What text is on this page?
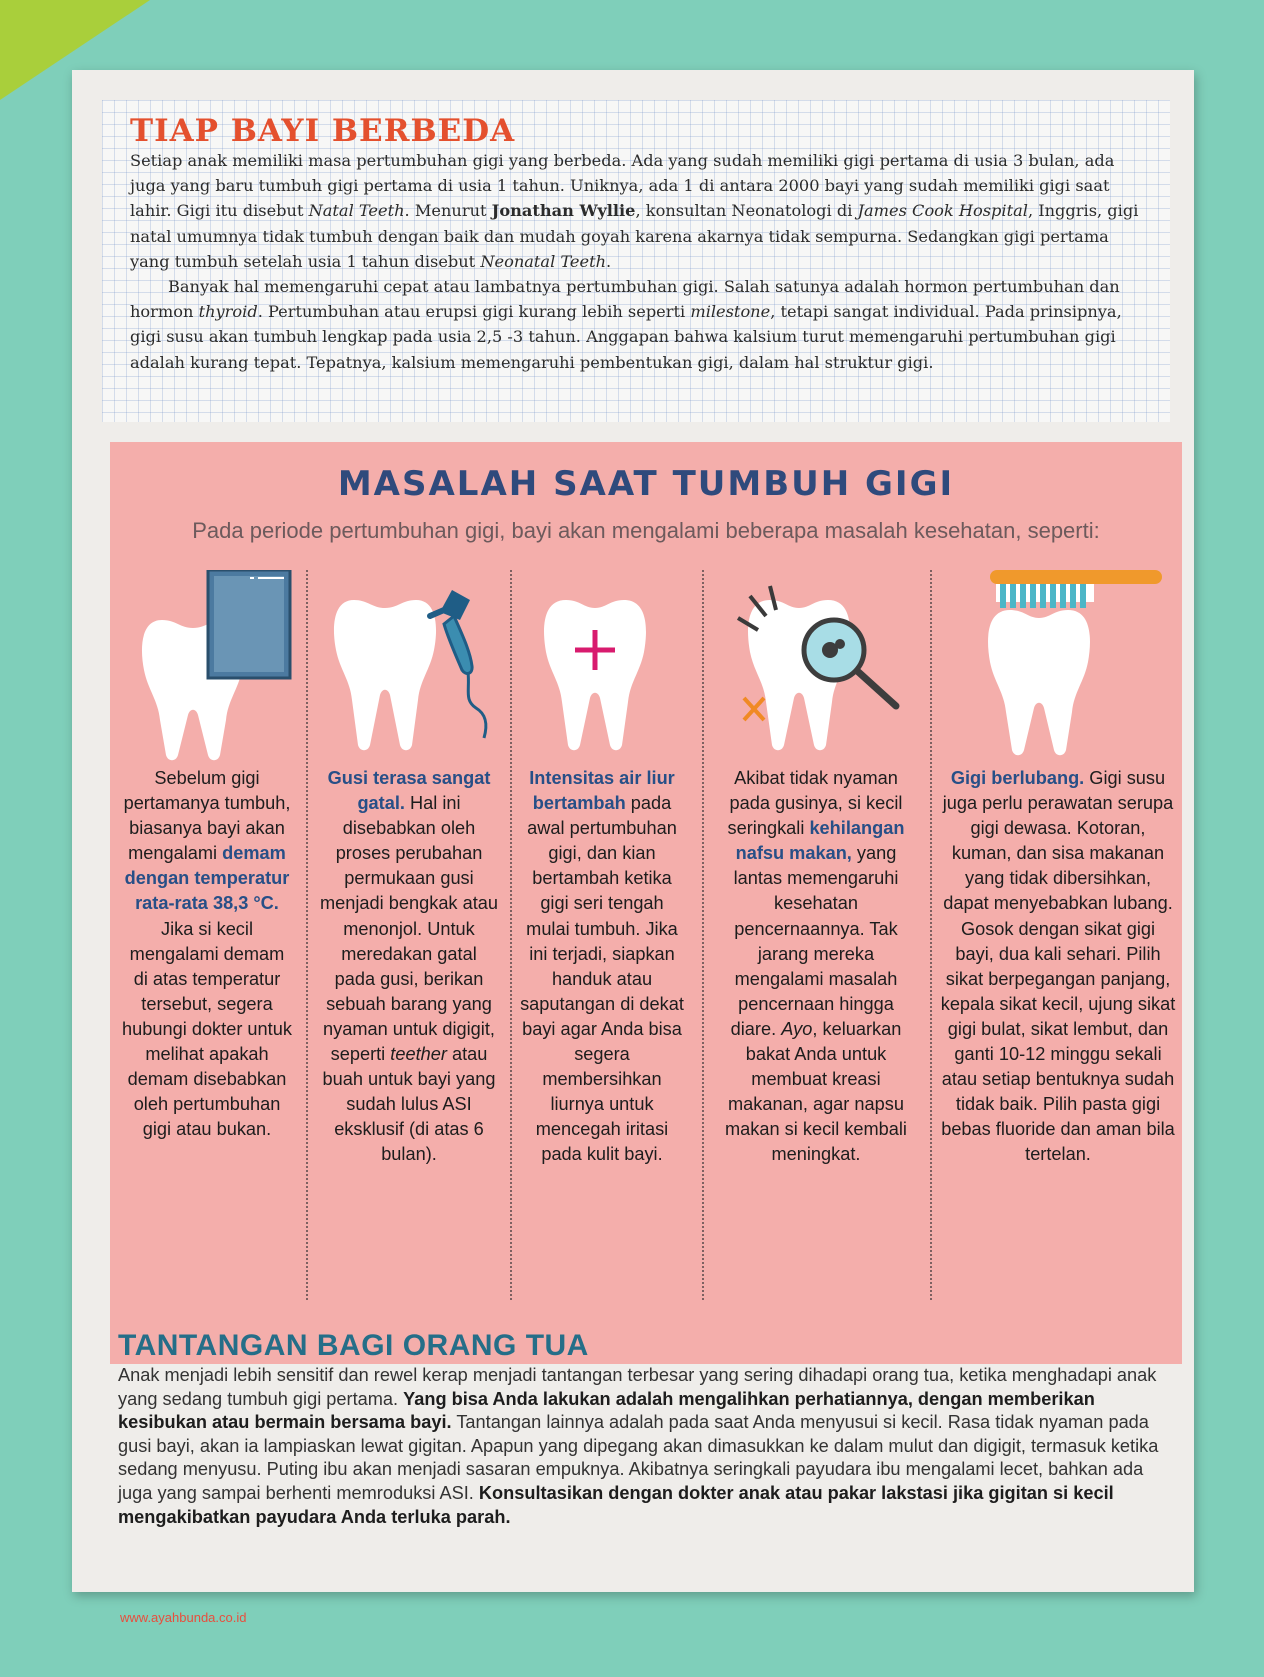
TIAP BAYI BERBEDA

Setiap anak memiliki masa pertumbuhan gigi yang berbeda. Ada yang sudah memiliki gigi pertama di usia 3 bulan, ada juga yang baru tumbuh gigi pertama di usia 1 tahun. Uniknya, ada 1 di antara 2000 bayi yang sudah memiliki gigi saat lahir. Gigi itu disebut Natal Teeth. Menurut Jonathan Wyllie, konsultan Neonatologi di James Cook Hospital, Inggris, gigi natal umumnya tidak tumbuh dengan baik dan mudah goyah karena akarnya tidak sempurna. Sedangkan gigi pertama yang tumbuh setelah usia 1 tahun disebut Neonatal Teeth.

Banyak hal memengaruhi cepat atau lambatnya pertumbuhan gigi. Salah satunya adalah hormon pertumbuhan dan hormon thyroid. Pertumbuhan atau erupsi gigi kurang lebih seperti milestone, tetapi sangat individual. Pada prinsipnya, gigi susu akan tumbuh lengkap pada usia 2,5 -3 tahun. Anggapan bahwa kalsium turut memengaruhi pertumbuhan gigi adalah kurang tepat. Tepatnya, kalsium memengaruhi pembentukan gigi, dalam hal struktur gigi.

MASALAH SAAT TUMBUH GIGI
Pada periode pertumbuhan gigi, bayi akan mengalami beberapa masalah kesehatan, seperti:
Sebelum gigi pertamanya tumbuh, biasanya bayi akan mengalami demam dengan temperatur rata-rata 38,3 °C. Jika si kecil mengalami demam di atas temperatur tersebut, segera hubungi dokter untuk melihat apakah demam disebabkan oleh pertumbuhan gigi atau bukan.
Gusi terasa sangat gatal. Hal ini disebabkan oleh proses perubahan permukaan gusi menjadi bengkak atau menonjol. Untuk meredakan gatal pada gusi, berikan sebuah barang yang nyaman untuk digigit, seperti teether atau buah untuk bayi yang sudah lulus ASI eksklusif (di atas 6 bulan).
Intensitas air liur bertambah pada awal pertumbuhan gigi, dan kian bertambah ketika gigi seri tengah mulai tumbuh. Jika ini terjadi, siapkan handuk atau saputangan di dekat bayi agar Anda bisa segera membersihkan liurnya untuk mencegah iritasi pada kulit bayi.
Akibat tidak nyaman pada gusinya, si kecil seringkali kehilangan nafsu makan, yang lantas memengaruhi kesehatan pencernaannya. Tak jarang mereka mengalami masalah pencernaan hingga diare. Ayo, keluarkan bakat Anda untuk membuat kreasi makanan, agar napsu makan si kecil kembali meningkat.
Gigi berlubang. Gigi susu juga perlu perawatan serupa gigi dewasa. Kotoran, kuman, dan sisa makanan yang tidak dibersihkan, dapat menyebabkan lubang. Gosok dengan sikat gigi bayi, dua kali sehari. Pilih sikat berpegangan panjang, kepala sikat kecil, ujung sikat gigi bulat, sikat lembut, dan ganti 10-12 minggu sekali atau setiap bentuknya sudah tidak baik. Pilih pasta gigi bebas fluoride dan aman bila tertelan.
TANTANGAN BAGI ORANG TUA

Anak menjadi lebih sensitif dan rewel kerap menjadi tantangan terbesar yang sering dihadapi orang tua, ketika menghadapi anak yang sedang tumbuh gigi pertama. Yang bisa Anda lakukan adalah mengalihkan perhatiannya, dengan memberikan kesibukan atau bermain bersama bayi. Tantangan lainnya adalah pada saat Anda menyusui si kecil. Rasa tidak nyaman pada gusi bayi, akan ia lampiaskan lewat gigitan. Apapun yang dipegang akan dimasukkan ke dalam mulut dan digigit, termasuk ketika sedang menyusu. Puting ibu akan menjadi sasaran empuknya. Akibatnya seringkali payudara ibu mengalami lecet, bahkan ada juga yang sampai berhenti memroduksi ASI. Konsultasikan dengan dokter anak atau pakar lakstasi jika gigitan si kecil mengakibatkan payudara Anda terluka parah.

www.ayahbunda.co.id
